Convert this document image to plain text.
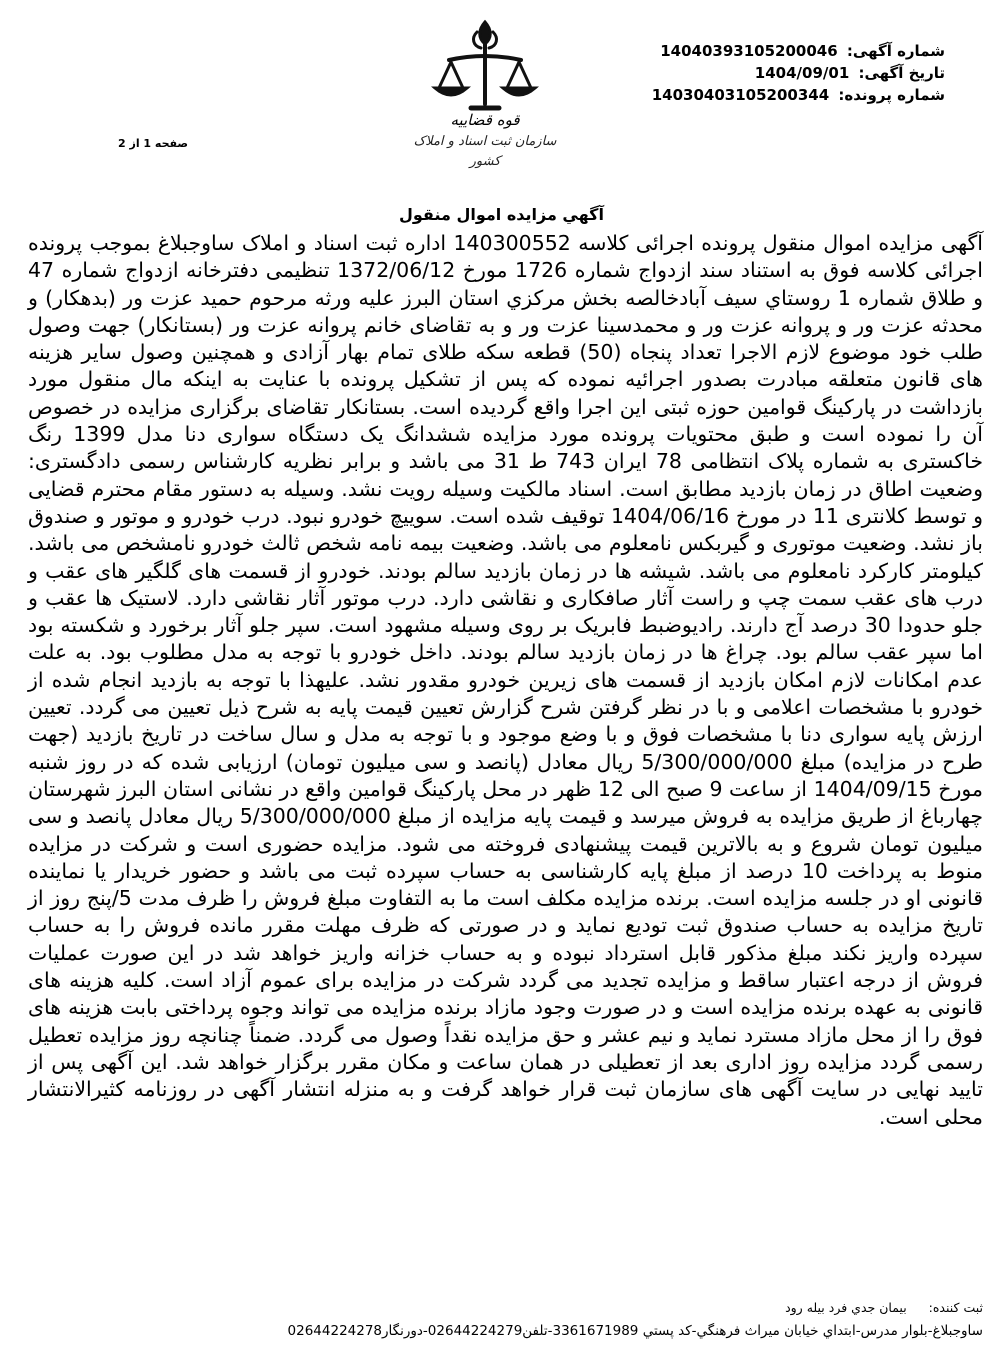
شماره آگهی: 14040393105200046
تاریخ آگهی: 1404/09/01
شماره پرونده: 14030403105200344
قوه قضاییه
سازمان ثبت اسناد و املاک کشور
صفحه 1 از 2
آگهي مزايده اموال منقول
آگهی مزایده اموال منقول پرونده اجرائی کلاسه 140300552 اداره ثبت اسناد و املاک ساوجبلاغ بموجب پرونده اجرائی کلاسه فوق به استناد سند ازدواج شماره 1726 مورخ 1372/06/12 تنظیمی دفترخانه ازدواج شماره 47 و طلاق شماره 1 روستاي سيف آبادخالصه بخش مرکزي استان البرز علیه ورثه مرحوم حمید عزت ور (بدهکار) و محدثه عزت ور و پروانه عزت ور و محمدسینا عزت ور و به تقاضای خانم پروانه عزت ور (بستانکار) جهت وصول طلب خود موضوع لازم الاجرا تعداد پنجاه (50) قطعه سکه طلای تمام بهار آزادی و همچنین وصول سایر هزینه های قانون متعلقه مبادرت بصدور اجرائیه نموده که پس از تشکیل پرونده با عنایت به اینکه مال منقول مورد بازداشت در پارکینگ قوامین حوزه ثبتی این اجرا واقع گردیده است. بستانکار تقاضای برگزاری مزایده در خصوص آن را نموده است و طبق محتویات پرونده مورد مزایده ششدانگ یک دستگاه سواری دنا مدل 1399 رنگ خاکستری به شماره پلاک انتظامی 78 ایران 743 ط 31 می باشد و برابر نظریه کارشناس رسمی دادگستری: وضعیت اطاق در زمان بازدید مطابق است. اسناد مالکیت وسیله رویت نشد. وسیله به دستور مقام محترم قضایی و توسط کلانتری 11 در مورخ 1404/06/16 توقیف شده است. سوییچ خودرو نبود. درب خودرو و موتور و صندوق باز نشد. وضعیت موتوری و گیربکس نامعلوم می باشد. وضعیت بیمه نامه شخص ثالث خودرو نامشخص می باشد. کیلومتر کارکرد نامعلوم می باشد. شیشه ها در زمان بازدید سالم بودند. خودرو از قسمت های گلگیر های عقب و درب های عقب سمت چپ و راست آثار صافکاری و نقاشی دارد. درب موتور آثار نقاشی دارد. لاستیک ها عقب و جلو حدودا 30 درصد آج دارند. رادیوضبط فابریک بر روی وسیله مشهود است. سپر جلو آثار برخورد و شکسته بود اما سپر عقب سالم بود. چراغ ها در زمان بازدید سالم بودند. داخل خودرو با توجه به مدل مطلوب بود. به علت عدم امکانات لازم امکان بازدید از قسمت های زیرین خودرو مقدور نشد. علیهذا با توجه به بازدید انجام شده از خودرو با مشخصات اعلامی و با در نظر گرفتن شرح گزارش تعیین قیمت پایه به شرح ذیل تعیین می گردد. تعیین ارزش پایه سواری دنا با مشخصات فوق و با وضع موجود و با توجه به مدل و سال ساخت در تاریخ بازدید (جهت طرح در مزایده) مبلغ 5/300/000/000 ریال معادل (پانصد و سی میلیون تومان) ارزیابی شده که در روز شنبه مورخ 1404/09/15 از ساعت 9 صبح الی 12 ظهر در محل پارکینگ قوامین واقع در نشانی استان البرز شهرستان چهارباغ از طریق مزایده به فروش میرسد و قیمت پایه مزایده از مبلغ 5/300/000/000 ریال معادل پانصد و سی میلیون تومان شروع و به بالاترین قیمت پیشنهادی فروخته می شود. مزایده حضوری است و شرکت در مزایده منوط به پرداخت 10 درصد از مبلغ پایه کارشناسی به حساب سپرده ثبت می باشد و حضور خریدار یا نماینده قانونی او در جلسه مزایده است. برنده مزایده مکلف است ما به التفاوت مبلغ فروش را ظرف مدت 5/پنج روز از تاریخ مزایده به حساب صندوق ثبت تودیع نماید و در صورتی که ظرف مهلت مقرر مانده فروش را به حساب سپرده واریز نکند مبلغ مذکور قابل استرداد نبوده و به حساب خزانه واریز خواهد شد در این صورت عملیات فروش از درجه اعتبار ساقط و مزایده تجدید می گردد شرکت در مزایده برای عموم آزاد است. کلیه هزینه های قانونی به عهده برنده مزایده است و در صورت وجود مازاد برنده مزایده می تواند وجوه پرداختی بابت هزینه های فوق را از محل مازاد مسترد نماید و نیم عشر و حق مزایده نقداً وصول می گردد. ضمناً چنانچه روز مزایده تعطیل رسمی گردد مزایده روز اداری بعد از تعطیلی در همان ساعت و مکان مقرر برگزار خواهد شد. این آگهی پس از تایید نهایی در سایت آگهی های سازمان ثبت قرار خواهد گرفت و به منزله انتشار آگهی در روزنامه کثیرالانتشار محلی است.
ثبت کننده: بيمان جدي فرد بيله رود
ساوجبلاغ-بلوار مدرس-ابتداي خيابان ميراث فرهنگي-کد پستي 3361671989-تلفن02644224279-دورنگار02644224278
